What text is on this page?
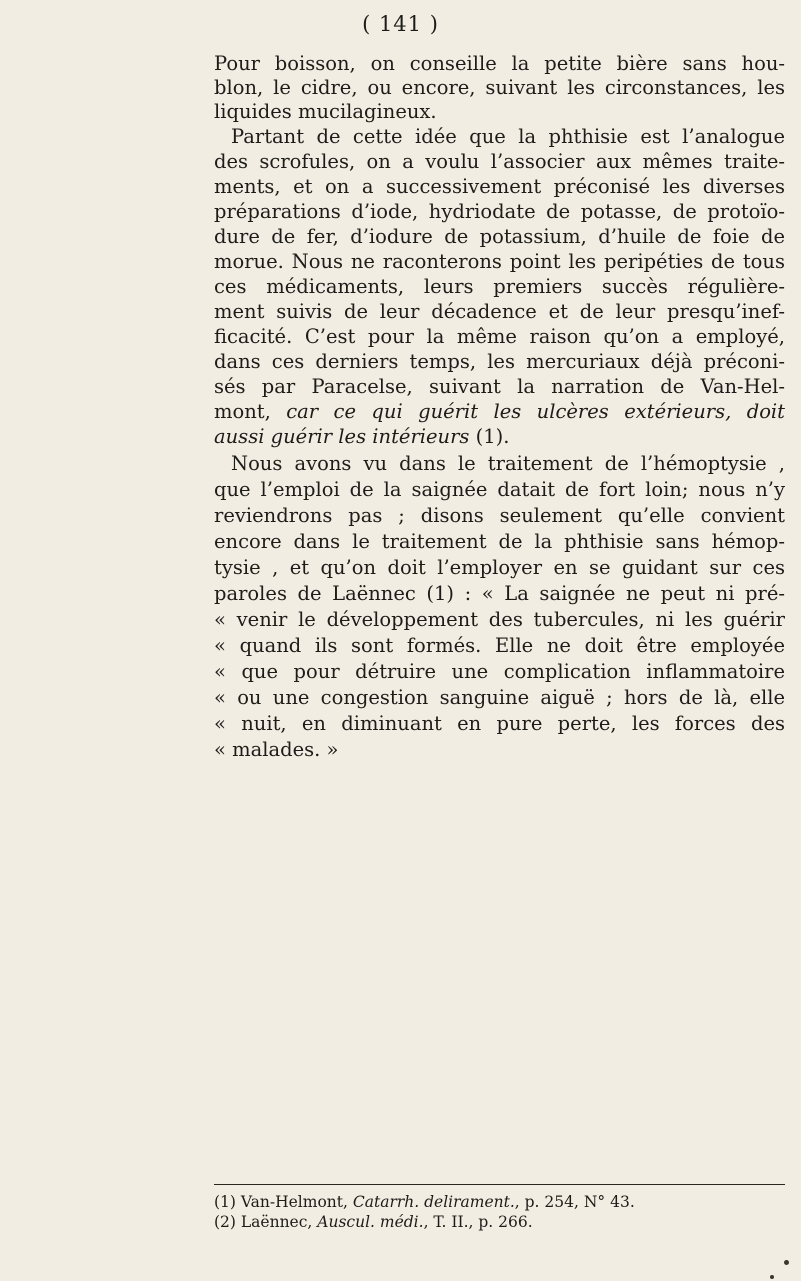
( 141 )
Pour boisson, on conseille la petite bière sans hou-
blon, le cidre, ou encore, suivant les circonstances, les
liquides mucilagineux.
Partant de cette idée que la phthisie est l’analogue
des scrofules, on a voulu l’associer aux mêmes traite-
ments, et on a successivement préconisé les diverses
préparations d’iode, hydriodate de potasse, de protoïo-
dure de fer, d’iodure de potassium, d’huile de foie de
morue. Nous ne raconterons point les peripéties de tous
ces médicaments, leurs premiers succès régulière-
ment suivis de leur décadence et de leur presqu’inef-
ficacité. C’est pour la même raison qu’on a employé,
dans ces derniers temps, les mercuriaux déjà préconi-
sés par Paracelse, suivant la narration de Van-Hel-
mont, car ce qui guérit les ulcères extérieurs, doit
aussi guérir les intérieurs (1).
Nous avons vu dans le traitement de l’hémoptysie ,
que l’emploi de la saignée datait de fort loin; nous n’y
reviendrons pas ; disons seulement qu’elle convient
encore dans le traitement de la phthisie sans hémop-
tysie , et qu’on doit l’employer en se guidant sur ces
paroles de Laënnec (1) : « La saignée ne peut ni pré-
« venir le développement des tubercules, ni les guérir
« quand ils sont formés. Elle ne doit être employée
« que pour détruire une complication inflammatoire
« ou une congestion sanguine aiguë ; hors de là, elle
« nuit, en diminuant en pure perte, les forces des
« malades. »
(1) Van-Helmont, Catarrh. delirament., p. 254, N° 43.
(2) Laënnec, Auscul. médi., T. II., p. 266.
